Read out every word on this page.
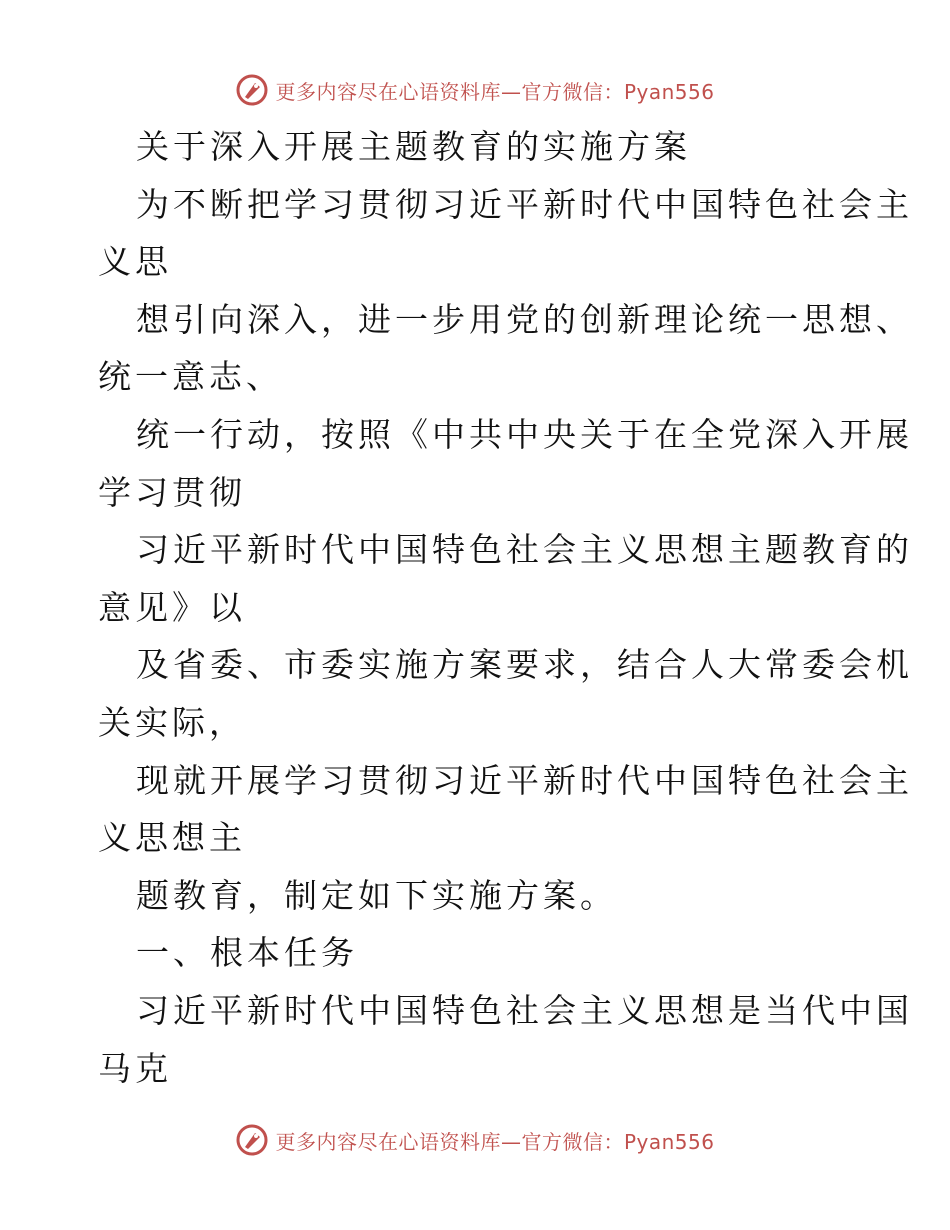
更多内容尽在心语资料库—官方微信：Pyan556
关于深入开展主题教育的实施方案
为不断把学习贯彻习近平新时代中国特色社会主
义思
想引向深入，进一步用党的创新理论统一思想、
统一意志、
统一行动，按照《中共中央关于在全党深入开展
学习贯彻
习近平新时代中国特色社会主义思想主题教育的
意见》以
及省委、市委实施方案要求，结合人大常委会机
关实际，
现就开展学习贯彻习近平新时代中国特色社会主
义思想主
题教育，制定如下实施方案。
一、根本任务
习近平新时代中国特色社会主义思想是当代中国
马克
更多内容尽在心语资料库—官方微信：Pyan556
